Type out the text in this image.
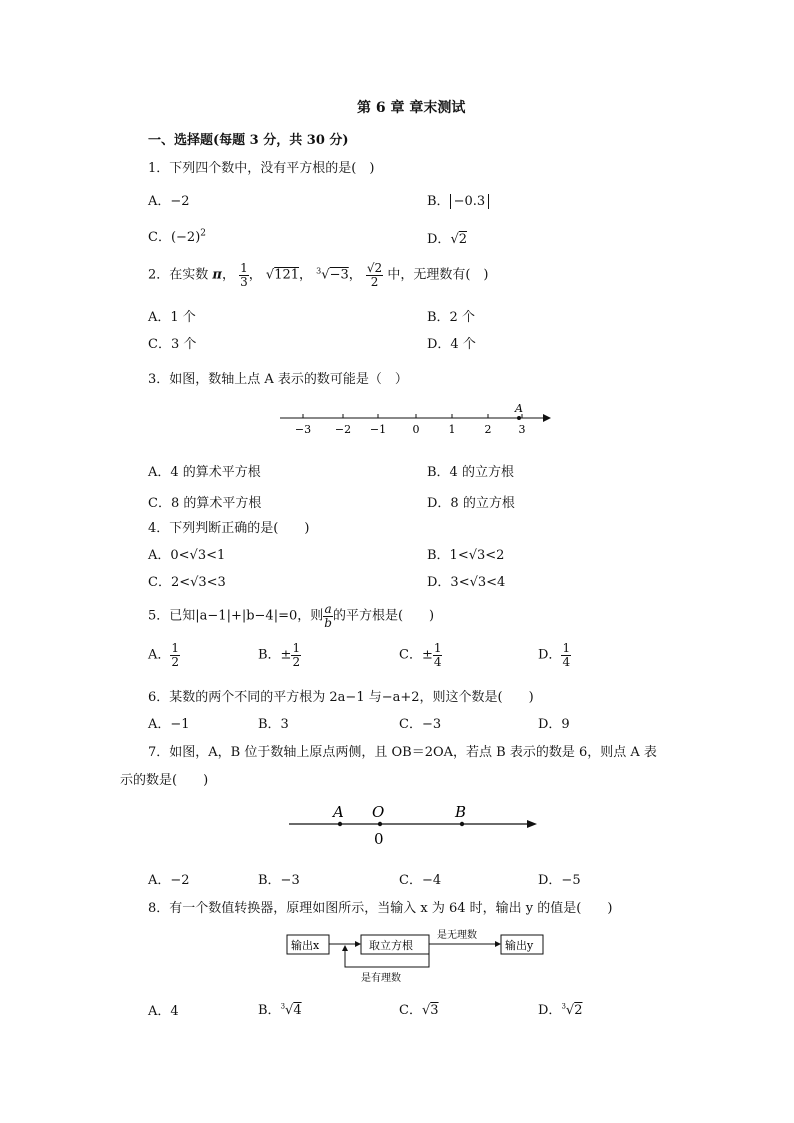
第 6 章 章末测试
一、选择题(每题 3 分，共 30 分)
1．下列四个数中，没有平方根的是(　)
A．−2	B． −0.3
C．$(-2)^2$	D．√2
2．在实数 π， $\frac{1}{3}$ ， √121， $^3$√−3， $\frac{√2}{2}$ 中，无理数有(　)
A．1 个	B．2 个
C．3 个	D．4 个
3．如图，数轴上点 A 表示的数可能是（　）
−3 −2 −1 0	1	2 3
A
A．4 的算术平方根	B．4 的立方根
C．8 的算术平方根	D．8 的立方根
4．下列判断正确的是(　　)
A．0<√3<1	B．1<√3<2
C．2<√3<3	D．3<√3<4
5．已知|a−1|+|b−4|=0，则 $\frac{a}{b}$ 的平方根是(　　)
A． $\frac{1}{2}$	B．± $\frac{1}{2}$	C．± $\frac{1}{4}$	D． $\frac{1}{4}$
6．某数的两个不同的平方根为 2a−1 与−a+2，则这个数是(　　)
A．−1	B．3	C．−3	D．9
7．如图，A，B 位于数轴上原点两侧，且 OB＝2OA，若点 B 表示的数是 6，则点 A 表
示的数是(　　)
A O	B
0
A．−2	B．−3	C．−4	D．−5
8．有一个数值转换器，原理如图所示，当输入 x 为 64 时，输出 y 的值是(　　)
输出x	取立方根
是无理数
输出y
是有理数
A．4	B．$^3$√4	C．√3	D．$^3$√2
